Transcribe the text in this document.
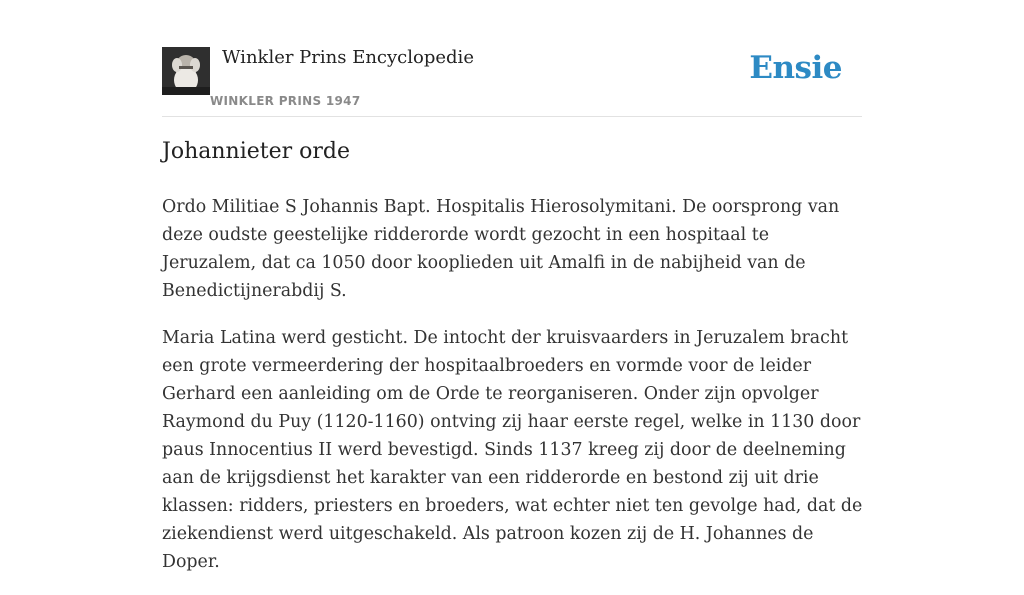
Winkler Prins Encyclopedie
WINKLER PRINS 1947
Ensie
Johannieter orde

Ordo Militiae S Johannis Bapt. Hospitalis Hierosolymitani. De oorsprong van deze oudste geestelijke ridderorde wordt gezocht in een hospitaal te Jeruzalem, dat ca 1050 door kooplieden uit Amalfi in de nabijheid van de Benedictijnerabdij S.

Maria Latina werd gesticht. De intocht der kruisvaarders in Jeruzalem bracht een grote vermeerdering der hospitaalbroeders en vormde voor de leider Gerhard een aanleiding om de Orde te reorganiseren. Onder zijn opvolger Raymond du Puy (1120-1160) ontving zij haar eerste regel, welke in 1130 door paus Innocentius II werd bevestigd. Sinds 1137 kreeg zij door de deelneming aan de krijgsdienst het karakter van een ridderorde en bestond zij uit drie klassen: ridders, priesters en broeders, wat echter niet ten gevolge had, dat de ziekendienst werd uitgeschakeld. Als patroon kozen zij de H. Johannes de Doper.
